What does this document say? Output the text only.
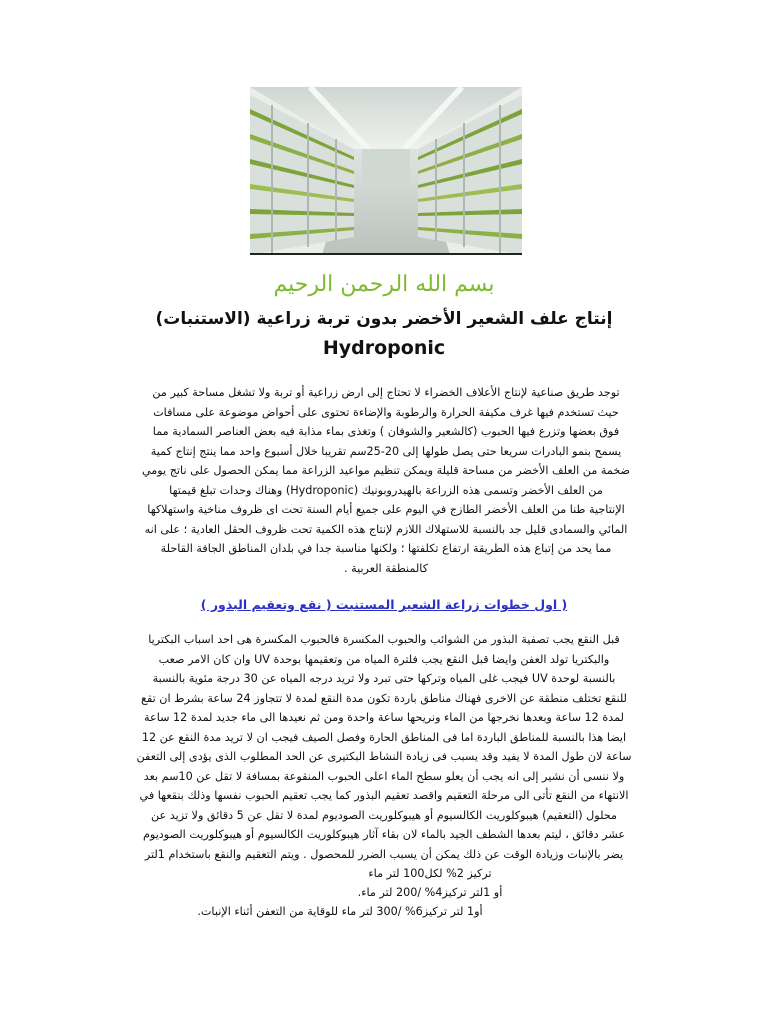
بسم الله الرحمن الرحيم
إنتاج علف الشعير الأخضر بدون تربة زراعية (الاستنبات)
Hydroponic
توجد طريق صناعية لإنتاج الأعلاف الخضراء لا تحتاج إلى ارض زراعية أو تربة ولا تشغل مساحة كبير من
حيث تستخدم فيها غرف مكيفة الحرارة والرطوبة والإضاءة تحتوى على أحواض موضوعة على مسافات
فوق بعضها وتزرع فيها الحبوب (كالشعير والشوفان ) وتغذى بماء مذابة فيه بعض العناصر السمادية مما
يسمح بنمو البادرات سريعا حتى يصل طولها إلى 20-25سم تقريبا خلال أسبوع واحد مما ينتج إنتاج كمية
ضخمة من العلف الأخضر من مساحة قليلة ويمكن تنظيم مواعيد الزراعة مما يمكن الحصول على ناتج يومي
من العلف الأخضر وتسمى هذه الزراعة بالهيدروبونيك (Hydroponic) وهناك وحدات تبلغ قيمتها
الإنتاجية طنا من العلف الأخضر الطازج في اليوم على جميع أيام السنة تحت اى ظروف مناخية واستهلاكها
المائي والسمادى قليل جد بالنسبة للاستهلاك اللازم لإنتاج هذه الكمية تحت ظروف الحقل العادية ؛ على انه
مما يحد من إتباع هذه الطريقة ارتفاع تكلفتها ؛ ولكنها مناسبة جدا في بلدان المناطق الجافة القاحلة
كالمنطقة العربية .
( اول خطوات زراعة الشعير المستنبت ( نقع وتعقيم البذور )
قبل النقع يجب تصفية البذور من الشوائب والحبوب المكسرة فالحبوب المكسرة هى احد اسباب البكتريا
والبكتريا تولد العفن وايضا قبل النقع يجب فلترة المياه من وتعقيمها بوحدة UV وان كان الامر صعب
بالنسبة لوحدة UV فيجب غلى المياه وتركها حتى تبرد ولا تريد درجه المياه عن 30 درجة مئوية بالنسبة
للنقع تختلف منطقة عن الاخرى فهناك مناطق باردة تكون مدة النقع لمدة لا تتجاوز 24 ساعة بشرط ان تقع
لمدة 12 ساعة وبعدها نخرجها من الماء ونريحها ساعة واحدة ومن ثم نعيدها الى ماء جديد لمدة 12 ساعة
ايضا هذا بالنسبة للمناطق الباردة اما فى المناطق الحارة وفصل الصيف فيجب ان لا تريد مدة النقع عن 12
ساعة لان طول المدة لا يفيد وقد يسبب فى زيادة النشاط البكتيرى عن الحد المطلوب الذى يؤدى إلى التعفن
ولا ننسى أن نشير إلى انه يجب أن يعلو سطح الماء اعلى الحبوب المنقوعة بمسافة لا تقل عن 10سم بعد
الانتهاء من النقع تأتى الى مرحلة التعقيم واقصد تعقيم البذور كما يجب تعقيم الحبوب نفسها وذلك بنقعها في
محلول (التعقيم) هيبوكلوريت الكالسيوم أو هيبوكلوريت الصوديوم لمدة لا تقل عن 5 دقائق ولا تزيد عن
عشر دقائق ، ليتم بعدها الشطف الجيد بالماء لان بقاء آثار هيبوكلوريت الكالسيوم أو هيبوكلوريت الصوديوم
يضر بالإنبات وزيادة الوقت عن ذلك يمكن أن يسبب الضرر للمحصول . ويتم التعقيم والنقع باستخدام 1لتر
تركيز 2% لكل100 لتر ماء
أو 1لتر تركيز4% /200 لتر ماء.
أو1 لتر تركيز6% /300 لتر ماء للوقاية من التعفن أثناء الإنبات.
